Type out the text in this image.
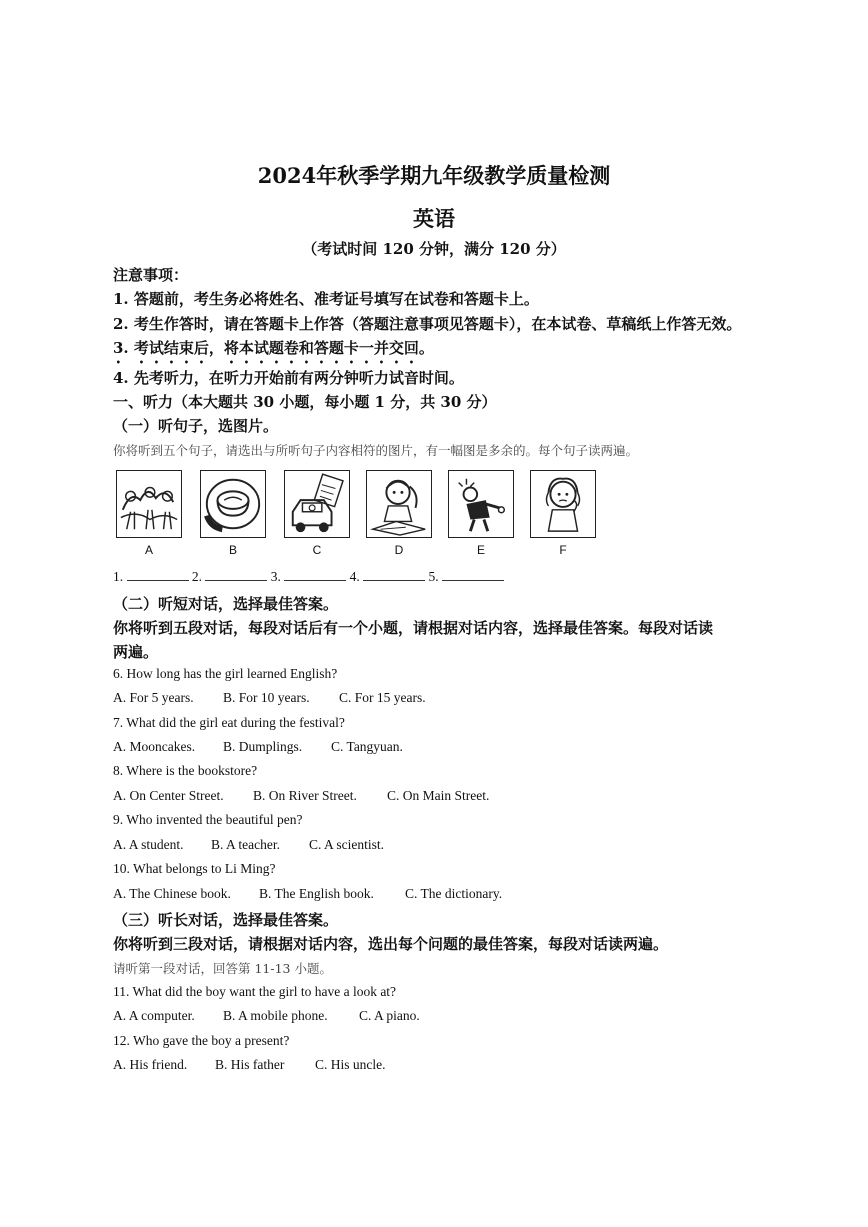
2024年秋季学期九年级教学质量检测
英语
（考试时间 120 分钟，满分 120 分）
注意事项：
1. 答题前，考生务必将姓名、准考证号填写在试卷和答题卡上。
2. 考生作答时，请在答题卡上作答（答题注意事项见答题卡），在本试卷、草稿纸上作答无效。
3. 考试结束后，将本试题卷和答题卡一并交回。
4. 先考听力，在听力开始前有两分钟听力试音时间。
一、听力（本大题共 30 小题，每小题 1 分，共 30 分）
（一）听句子，选图片。
你将听到五个句子，请选出与所听句子内容相符的图片，有一幅图是多余的。每个句子读两遍。
A	B	C	D	E	F
1.	2.	3.	4.	5.
（二）听短对话，选择最佳答案。
你将听到五段对话，每段对话后有一个小题，请根据对话内容，选择最佳答案。每段对话读
两遍。
6. How long has the girl learned English?
A. For 5 years. B. For 10 years. C. For 15 years.
7. What did the girl eat during the festival?
A. Mooncakes. B. Dumplings. C. Tangyuan.
8. Where is the bookstore?
A. On Center Street. B. On River Street. C. On Main Street.
9. Who invented the beautiful pen?
A. A student. B. A teacher. C. A scientist.
10. What belongs to Li Ming?
A. The Chinese book. B. The English book. C. The dictionary.
（三）听长对话，选择最佳答案。
你将听到三段对话，请根据对话内容，选出每个问题的最佳答案，每段对话读两遍。
请听第一段对话，回答第 11-13 小题。
11. What did the boy want the girl to have a look at?
A. A computer. B. A mobile phone. C. A piano.
12. Who gave the boy a present?
A. His friend. B. His father C. His uncle.
